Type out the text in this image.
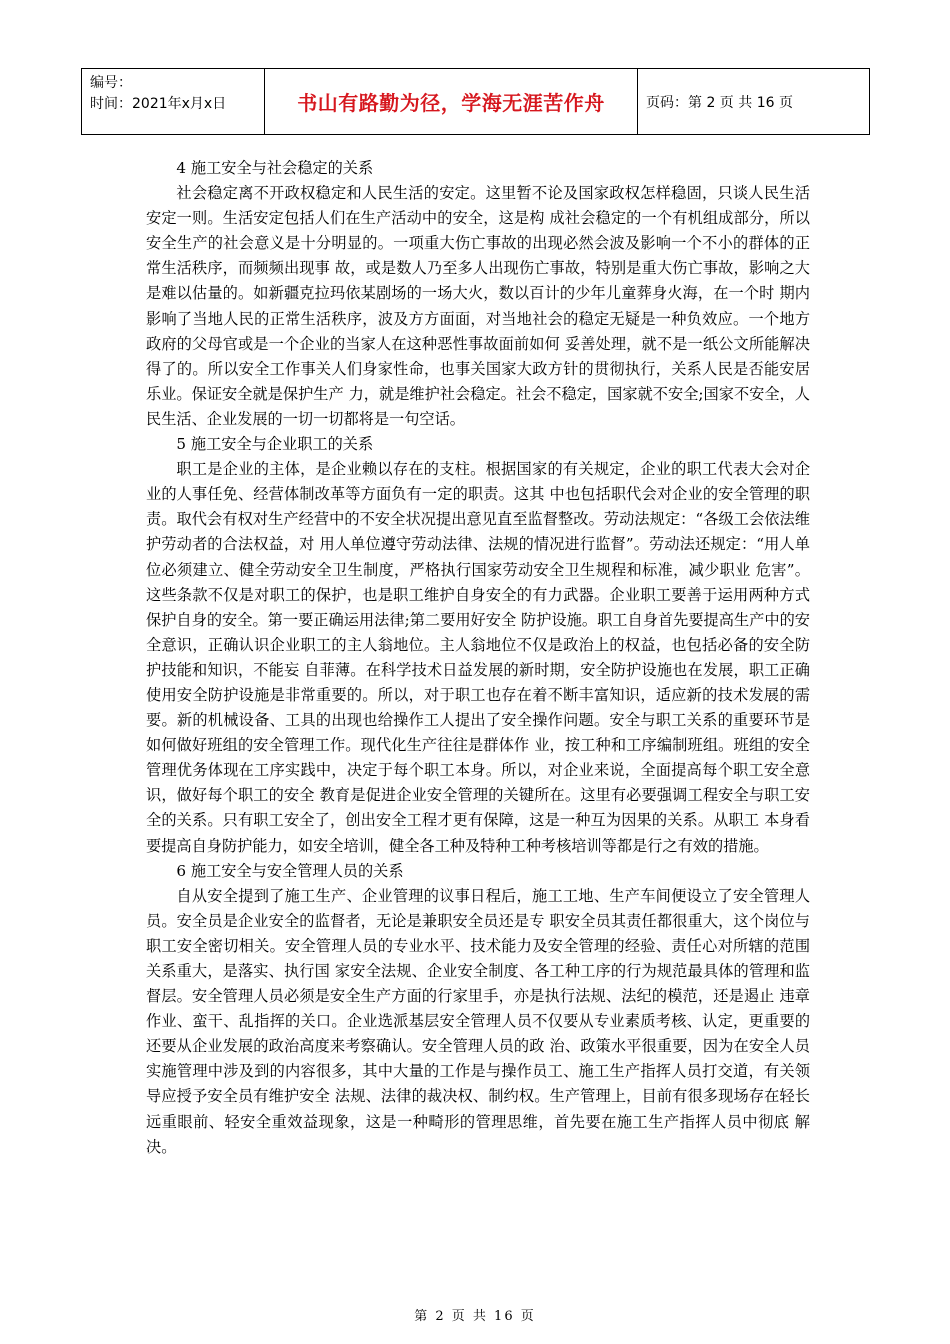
编号：
时间：2021年x月x日	书山有路勤为径，学海无涯苦作舟	页码：第 2 页 共 16 页
4 施工安全与社会稳定的关系

社会稳定离不开政权稳定和人民生活的安定。这里暂不论及国家政权怎样稳固，只谈人民生活安定一则。生活安定包括人们在生产活动中的安全，这是构 成社会稳定的一个有机组成部分，所以安全生产的社会意义是十分明显的。一项重大伤亡事故的出现必然会波及影响一个不小的群体的正常生活秩序，而频频出现事 故，或是数人乃至多人出现伤亡事故，特别是重大伤亡事故，影响之大是难以估量的。如新疆克拉玛依某剧场的一场大火，数以百计的少年儿童葬身火海，在一个时 期内影响了当地人民的正常生活秩序，波及方方面面，对当地社会的稳定无疑是一种负效应。一个地方政府的父母官或是一个企业的当家人在这种恶性事故面前如何 妥善处理，就不是一纸公文所能解决得了的。所以安全工作事关人们身家性命，也事关国家大政方针的贯彻执行，关系人民是否能安居乐业。保证安全就是保护生产 力，就是维护社会稳定。社会不稳定，国家就不安全;国家不安全，人民生活、企业发展的一切一切都将是一句空话。

5 施工安全与企业职工的关系

职工是企业的主体，是企业赖以存在的支柱。根据国家的有关规定，企业的职工代表大会对企业的人事任免、经营体制改革等方面负有一定的职责。这其 中也包括职代会对企业的安全管理的职责。取代会有权对生产经营中的不安全状况提出意见直至监督整改。劳动法规定：“各级工会依法维护劳动者的合法权益，对 用人单位遵守劳动法律、法规的情况进行监督”。劳动法还规定：“用人单位必须建立、健全劳动安全卫生制度，严格执行国家劳动安全卫生规程和标准，减少职业 危害”。这些条款不仅是对职工的保护，也是职工维护自身安全的有力武器。企业职工要善于运用两种方式保护自身的安全。第一要正确运用法律;第二要用好安全 防护设施。职工自身首先要提高生产中的安全意识，正确认识企业职工的主人翁地位。主人翁地位不仅是政治上的权益，也包括必备的安全防护技能和知识，不能妄 自菲薄。在科学技术日益发展的新时期，安全防护设施也在发展，职工正确使用安全防护设施是非常重要的。所以，对于职工也存在着不断丰富知识，适应新的技术发展的需要。新的机械设备、工具的出现也给操作工人提出了安全操作问题。安全与职工关系的重要环节是如何做好班组的安全管理工作。现代化生产往往是群体作 业，按工种和工序编制班组。班组的安全管理优务体现在工序实践中，决定于每个职工本身。所以，对企业来说，全面提高每个职工安全意识，做好每个职工的安全 教育是促进企业安全管理的关键所在。这里有必要强调工程安全与职工安全的关系。只有职工安全了，创出安全工程才更有保障，这是一种互为因果的关系。从职工 本身看要提高自身防护能力，如安全培训，健全各工种及特种工种考核培训等都是行之有效的措施。

6 施工安全与安全管理人员的关系

自从安全提到了施工生产、企业管理的议事日程后，施工工地、生产车间便设立了安全管理人员。安全员是企业安全的监督者，无论是兼职安全员还是专 职安全员其责任都很重大，这个岗位与职工安全密切相关。安全管理人员的专业水平、技术能力及安全管理的经验、责任心对所辖的范围关系重大，是落实、执行国 家安全法规、企业安全制度、各工种工序的行为规范最具体的管理和监督层。安全管理人员必须是安全生产方面的行家里手，亦是执行法规、法纪的模范，还是遏止 违章作业、蛮干、乱指挥的关口。企业选派基层安全管理人员不仅要从专业素质考核、认定，更重要的还要从企业发展的政治高度来考察确认。安全管理人员的政 治、政策水平很重要，因为在安全人员实施管理中涉及到的内容很多，其中大量的工作是与操作员工、施工生产指挥人员打交道，有关领导应授予安全员有维护安全 法规、法律的裁决权、制约权。生产管理上，目前有很多现场存在轻长远重眼前、轻安全重效益现象，这是一种畸形的管理思维，首先要在施工生产指挥人员中彻底 解决。

第 2 页 共 16 页
